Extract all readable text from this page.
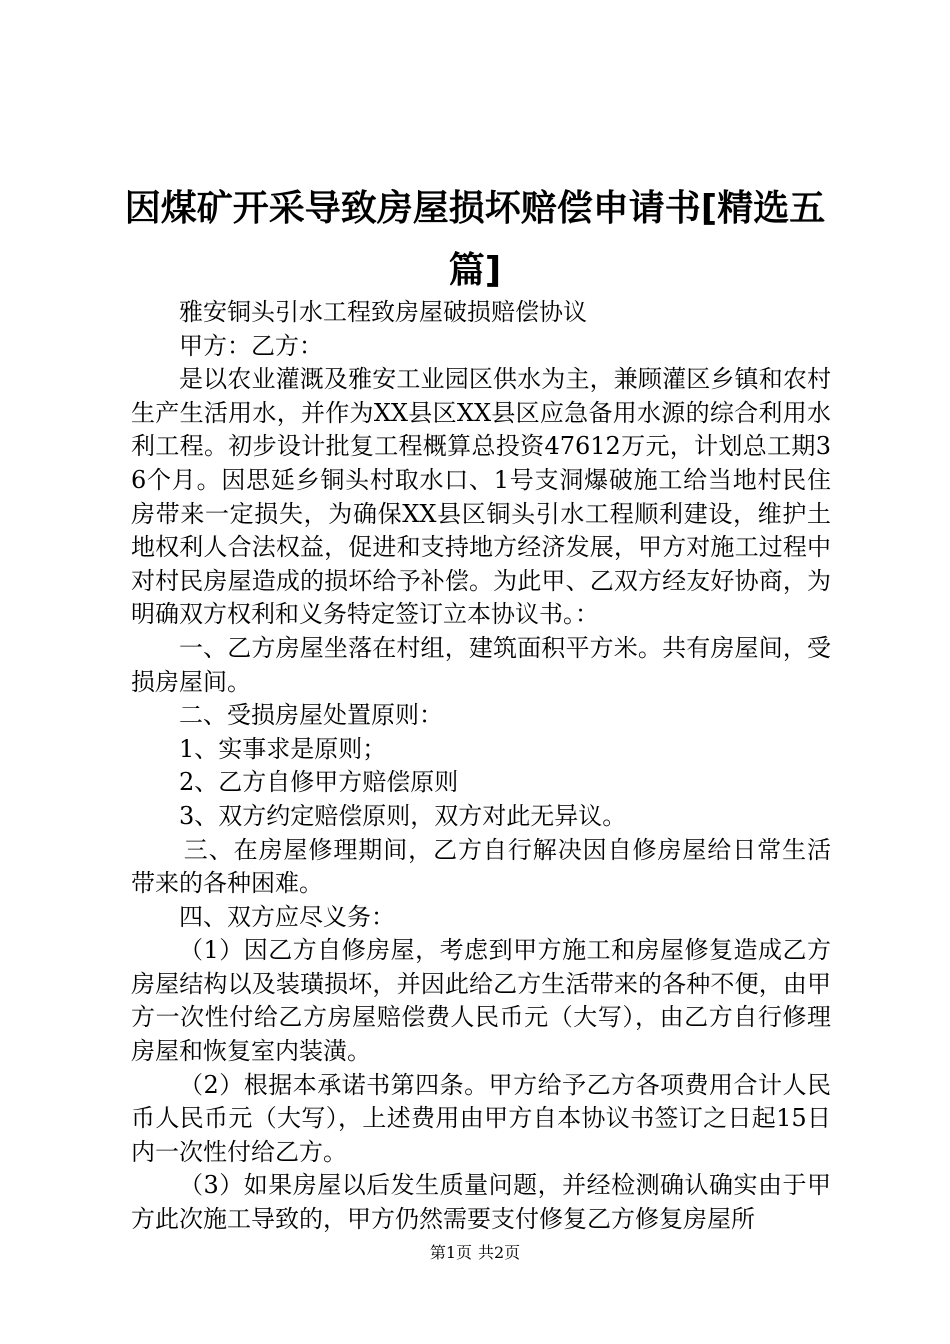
因煤矿开采导致房屋损坏赔偿申请书[精选五篇]

雅安铜头引水工程致房屋破损赔偿协议

甲方：乙方：

是以农业灌溉及雅安工业园区供水为主，兼顾灌区乡镇和农村生产生活用水，并作为XX县区XX县区应急备用水源的综合利用水利工程。初步设计批复工程概算总投资47612万元，计划总工期36个月。因思延乡铜头村取水口、1号支洞爆破施工给当地村民住房带来一定损失，为确保XX县区铜头引水工程顺利建设，维护土地权利人合法权益，促进和支持地方经济发展，甲方对施工过程中对村民房屋造成的损坏给予补偿。为此甲、乙双方经友好协商，为明确双方权利和义务特定签订立本协议书。：

一、乙方房屋坐落在村组，建筑面积平方米。共有房屋间，受损房屋间。

二、受损房屋处置原则：

1、实事求是原则；

2、乙方自修甲方赔偿原则

3、双方约定赔偿原则，双方对此无异议。

三、在房屋修理期间，乙方自行解决因自修房屋给日常生活带来的各种困难。

四、双方应尽义务：

（1）因乙方自修房屋，考虑到甲方施工和房屋修复造成乙方房屋结构以及装璜损坏，并因此给乙方生活带来的各种不便，由甲方一次性付给乙方房屋赔偿费人民币元（大写），由乙方自行修理房屋和恢复室内装潢。

（2）根据本承诺书第四条。甲方给予乙方各项费用合计人民币人民币元（大写），上述费用由甲方自本协议书签订之日起15日内一次性付给乙方。

（3）如果房屋以后发生质量问题，并经检测确认确实由于甲方此次施工导致的，甲方仍然需要支付修复乙方修复房屋所

第1页 共2页
